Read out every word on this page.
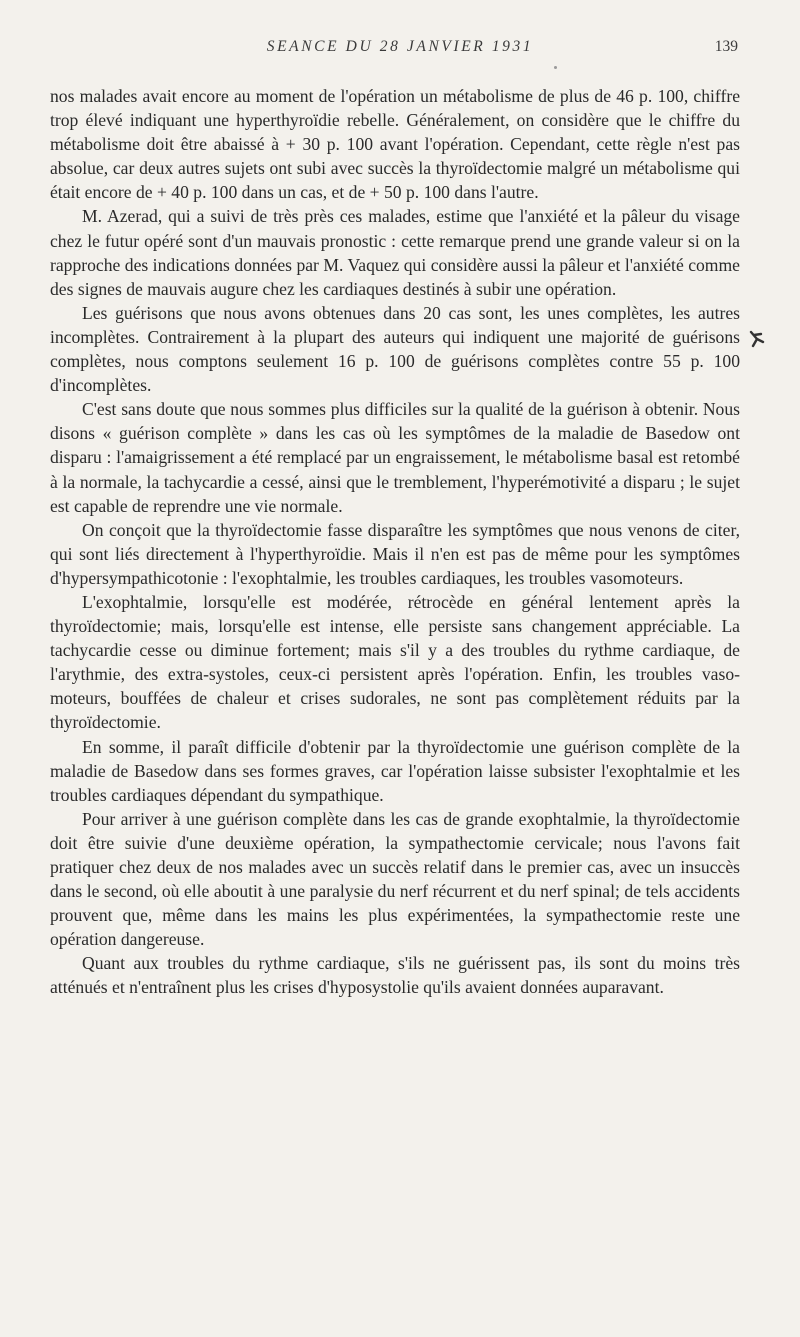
SEANCE DU 28 JANVIER 1931	139

nos malades avait encore au moment de l'opération un métabolisme de plus de 46 p. 100, chiffre trop élevé indiquant une hyperthyroïdie rebelle. Généralement, on considère que le chiffre du métabolisme doit être abaissé à + 30 p. 100 avant l'opération. Cependant, cette règle n'est pas absolue, car deux autres sujets ont subi avec succès la thyroïdectomie malgré un métabolisme qui était encore de + 40 p. 100 dans un cas, et de + 50 p. 100 dans l'autre.

M. Azerad, qui a suivi de très près ces malades, estime que l'anxiété et la pâleur du visage chez le futur opéré sont d'un mauvais pronostic : cette remarque prend une grande valeur si on la rapproche des indications données par M. Vaquez qui considère aussi la pâleur et l'anxiété comme des signes de mauvais augure chez les cardiaques destinés à subir une opération.

Les guérisons que nous avons obtenues dans 20 cas sont, les unes complètes, les autres incomplètes. Contrairement à la plupart des auteurs qui indiquent une majorité de guérisons complètes, nous comptons seulement 16 p. 100 de guérisons complètes contre 55 p. 100 d'incomplètes.

C'est sans doute que nous sommes plus difficiles sur la qualité de la guérison à obtenir. Nous disons « guérison complète » dans les cas où les symptômes de la maladie de Basedow ont disparu : l'amaigrissement a été remplacé par un engraissement, le métabolisme basal est retombé à la normale, la tachycardie a cessé, ainsi que le tremblement, l'hyperémotivité a disparu ; le sujet est capable de reprendre une vie normale.

On conçoit que la thyroïdectomie fasse disparaître les symptômes que nous venons de citer, qui sont liés directement à l'hyperthyroïdie. Mais il n'en est pas de même pour les symptômes d'hypersympathicotonie : l'exophtalmie, les troubles cardiaques, les troubles vasomoteurs.

L'exophtalmie, lorsqu'elle est modérée, rétrocède en général lentement après la thyroïdectomie; mais, lorsqu'elle est intense, elle persiste sans changement appréciable. La tachycardie cesse ou diminue fortement; mais s'il y a des troubles du rythme cardiaque, de l'arythmie, des extra-systoles, ceux-ci persistent après l'opération. Enfin, les troubles vaso-moteurs, bouffées de chaleur et crises sudorales, ne sont pas complètement réduits par la thyroïdectomie.

En somme, il paraît difficile d'obtenir par la thyroïdectomie une guérison complète de la maladie de Basedow dans ses formes graves, car l'opération laisse subsister l'exophtalmie et les troubles cardiaques dépendant du sympathique.

Pour arriver à une guérison complète dans les cas de grande exophtalmie, la thyroïdectomie doit être suivie d'une deuxième opération, la sympathectomie cervicale; nous l'avons fait pratiquer chez deux de nos malades avec un succès relatif dans le premier cas, avec un insuccès dans le second, où elle aboutit à une paralysie du nerf récurrent et du nerf spinal; de tels accidents prouvent que, même dans les mains les plus expérimentées, la sympathectomie reste une opération dangereuse.

Quant aux troubles du rythme cardiaque, s'ils ne guérissent pas, ils sont du moins très atténués et n'entraînent plus les crises d'hyposystolie qu'ils avaient données auparavant.
